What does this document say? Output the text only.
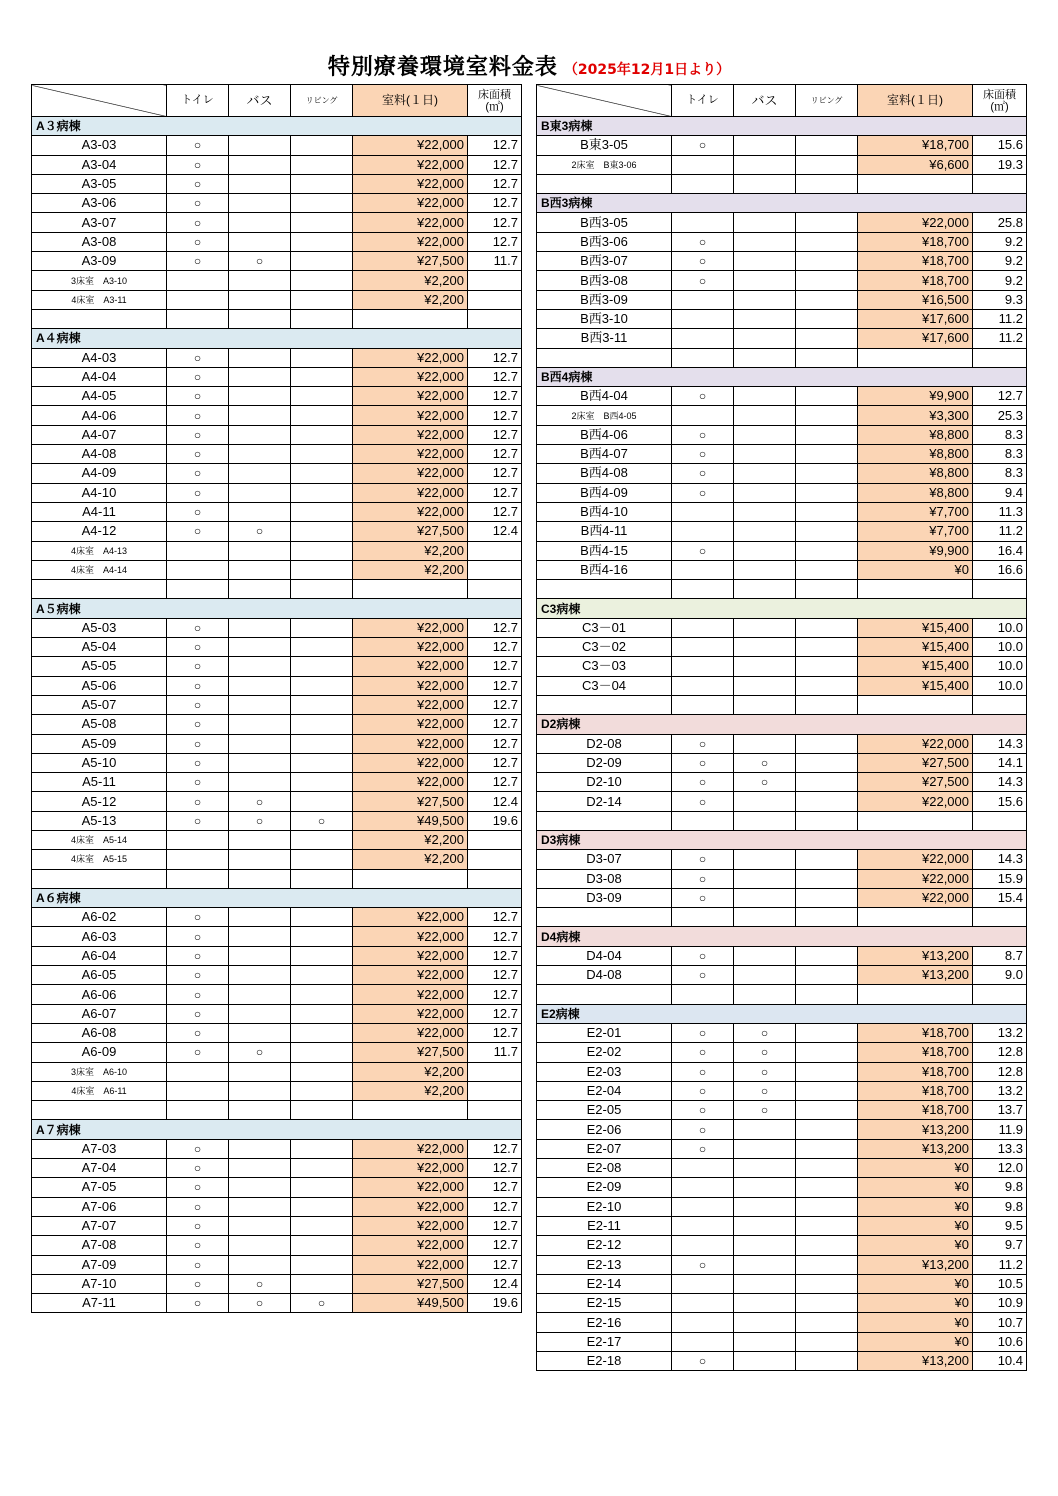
特別療養環境室料金表 （2025年12月1日より）
	トイレ	バス	リビング	室料(１日)	床面積
(㎡)
A３病棟					
A3-03	○			¥22,000	12.7
A3-04	○			¥22,000	12.7
A3-05	○			¥22,000	12.7
A3-06	○			¥22,000	12.7
A3-07	○			¥22,000	12.7
A3-08	○			¥22,000	12.7
A3-09	○	○		¥27,500	11.7
3床室　A3-10				¥2,200	
4床室　A3-11				¥2,200	

A４病棟					
A4-03	○			¥22,000	12.7
A4-04	○			¥22,000	12.7
A4-05	○			¥22,000	12.7
A4-06	○			¥22,000	12.7
A4-07	○			¥22,000	12.7
A4-08	○			¥22,000	12.7
A4-09	○			¥22,000	12.7
A4-10	○			¥22,000	12.7
A4-11	○			¥22,000	12.7
A4-12	○	○		¥27,500	12.4
4床室　A4-13				¥2,200	
4床室　A4-14				¥2,200	

A５病棟					
A5-03	○			¥22,000	12.7
A5-04	○			¥22,000	12.7
A5-05	○			¥22,000	12.7
A5-06	○			¥22,000	12.7
A5-07	○			¥22,000	12.7
A5-08	○			¥22,000	12.7
A5-09	○			¥22,000	12.7
A5-10	○			¥22,000	12.7
A5-11	○			¥22,000	12.7
A5-12	○	○		¥27,500	12.4
A5-13	○	○	○	¥49,500	19.6
4床室　A5-14				¥2,200	
4床室　A5-15				¥2,200	

A６病棟					
A6-02	○			¥22,000	12.7
A6-03	○			¥22,000	12.7
A6-04	○			¥22,000	12.7
A6-05	○			¥22,000	12.7
A6-06	○			¥22,000	12.7
A6-07	○			¥22,000	12.7
A6-08	○			¥22,000	12.7
A6-09	○	○		¥27,500	11.7
3床室　A6-10				¥2,200	
4床室　A6-11				¥2,200	

A７病棟					
A7-03	○			¥22,000	12.7
A7-04	○			¥22,000	12.7
A7-05	○			¥22,000	12.7
A7-06	○			¥22,000	12.7
A7-07	○			¥22,000	12.7
A7-08	○			¥22,000	12.7
A7-09	○			¥22,000	12.7
A7-10	○	○		¥27,500	12.4
A7-11	○	○	○	¥49,500	19.6
	トイレ	バス	リビング	室料(１日)	床面積
(㎡)
B東3病棟					
B東3-05	○			¥18,700	15.6
2床室　B東3-06				¥6,600	19.3

B西3病棟					
B西3-05				¥22,000	25.8
B西3-06	○			¥18,700	9.2
B西3-07	○			¥18,700	9.2
B西3-08	○			¥18,700	9.2
B西3-09				¥16,500	9.3
B西3-10				¥17,600	11.2
B西3-11				¥17,600	11.2

B西4病棟					
B西4-04	○			¥9,900	12.7
2床室　B西4-05				¥3,300	25.3
B西4-06	○			¥8,800	8.3
B西4-07	○			¥8,800	8.3
B西4-08	○			¥8,800	8.3
B西4-09	○			¥8,800	9.4
B西4-10				¥7,700	11.3
B西4-11				¥7,700	11.2
B西4-15	○			¥9,900	16.4
B西4-16				¥0	16.6

C3病棟					
C3－01				¥15,400	10.0
C3－02				¥15,400	10.0
C3－03				¥15,400	10.0
C3－04				¥15,400	10.0

D2病棟					
D2-08	○			¥22,000	14.3
D2-09	○	○		¥27,500	14.1
D2-10	○	○		¥27,500	14.3
D2-14	○			¥22,000	15.6

D3病棟					
D3-07	○			¥22,000	14.3
D3-08	○			¥22,000	15.9
D3-09	○			¥22,000	15.4

D4病棟					
D4-04	○			¥13,200	8.7
D4-08	○			¥13,200	9.0

E2病棟					
E2-01	○	○		¥18,700	13.2
E2-02	○	○		¥18,700	12.8
E2-03	○	○		¥18,700	12.8
E2-04	○	○		¥18,700	13.2
E2-05	○	○		¥18,700	13.7
E2-06	○			¥13,200	11.9
E2-07	○			¥13,200	13.3
E2-08				¥0	12.0
E2-09				¥0	9.8
E2-10				¥0	9.8
E2-11				¥0	9.5
E2-12				¥0	9.7
E2-13	○			¥13,200	11.2
E2-14				¥0	10.5
E2-15				¥0	10.9
E2-16				¥0	10.7
E2-17				¥0	10.6
E2-18	○			¥13,200	10.4
